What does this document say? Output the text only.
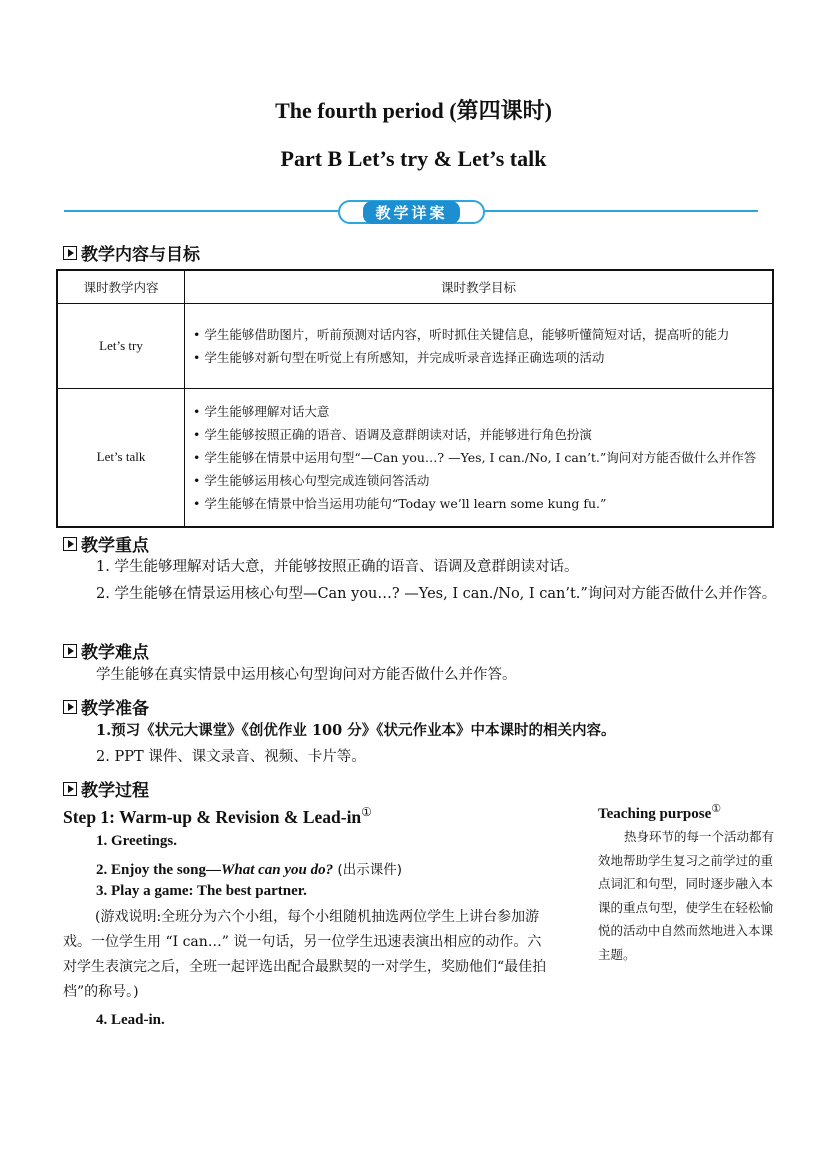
The fourth period (第四课时)
Part B Let’s try & Let’s talk
教学详案
教学内容与目标
课时教学内容	课时教学目标
Let’s try	• 学生能够借助图片，听前预测对话内容，听时抓住关键信息，能够听懂简短对话，提高听的能力
• 学生能够对新句型在听觉上有所感知，并完成听录音选择正确选项的活动

Let’s talk	• 学生能够理解对话大意
• 学生能够按照正确的语音、语调及意群朗读对话，并能够进行角色扮演
• 学生能够在情景中运用句型“—Can you…? —Yes, I can./No, I can’t.”询问对方能否做什么并作答
• 学生能够运用核心句型完成连锁问答活动
• 学生能够在情景中恰当运用功能句“Today we’ll learn some kung fu.”
教学重点
1. 学生能够理解对话大意，并能够按照正确的语音、语调及意群朗读对话。
2. 学生能够在情景运用核心句型—Can you…? —Yes, I can./No, I can’t.”询问对方能否做什么并作答。
教学难点
学生能够在真实情景中运用核心句型询问对方能否做什么并作答。
教学准备
1.预习《状元大课堂》《创优作业 100 分》《状元作业本》中本课时的相关内容。
2. PPT 课件、课文录音、视频、卡片等。
教学过程
Step 1: Warm-up & Revision & Lead-in①
1. Greetings.
2. Enjoy the song—What can you do? (出示课件)
3. Play a game: The best partner.
(游戏说明:全班分为六个小组，每个小组随机抽选两位学生上讲台参加游戏。一位学生用 “I can…” 说一句话，另一位学生迅速表演出相应的动作。六对学生表演完之后，全班一起评选出配合最默契的一对学生，奖励他们“最佳拍档”的称号。)
4. Lead-in.
Teaching purpose①
热身环节的每一个活动都有效地帮助学生复习之前学过的重点词汇和句型，同时逐步融入本课的重点句型，使学生在轻松愉悦的活动中自然而然地进入本课主题。
